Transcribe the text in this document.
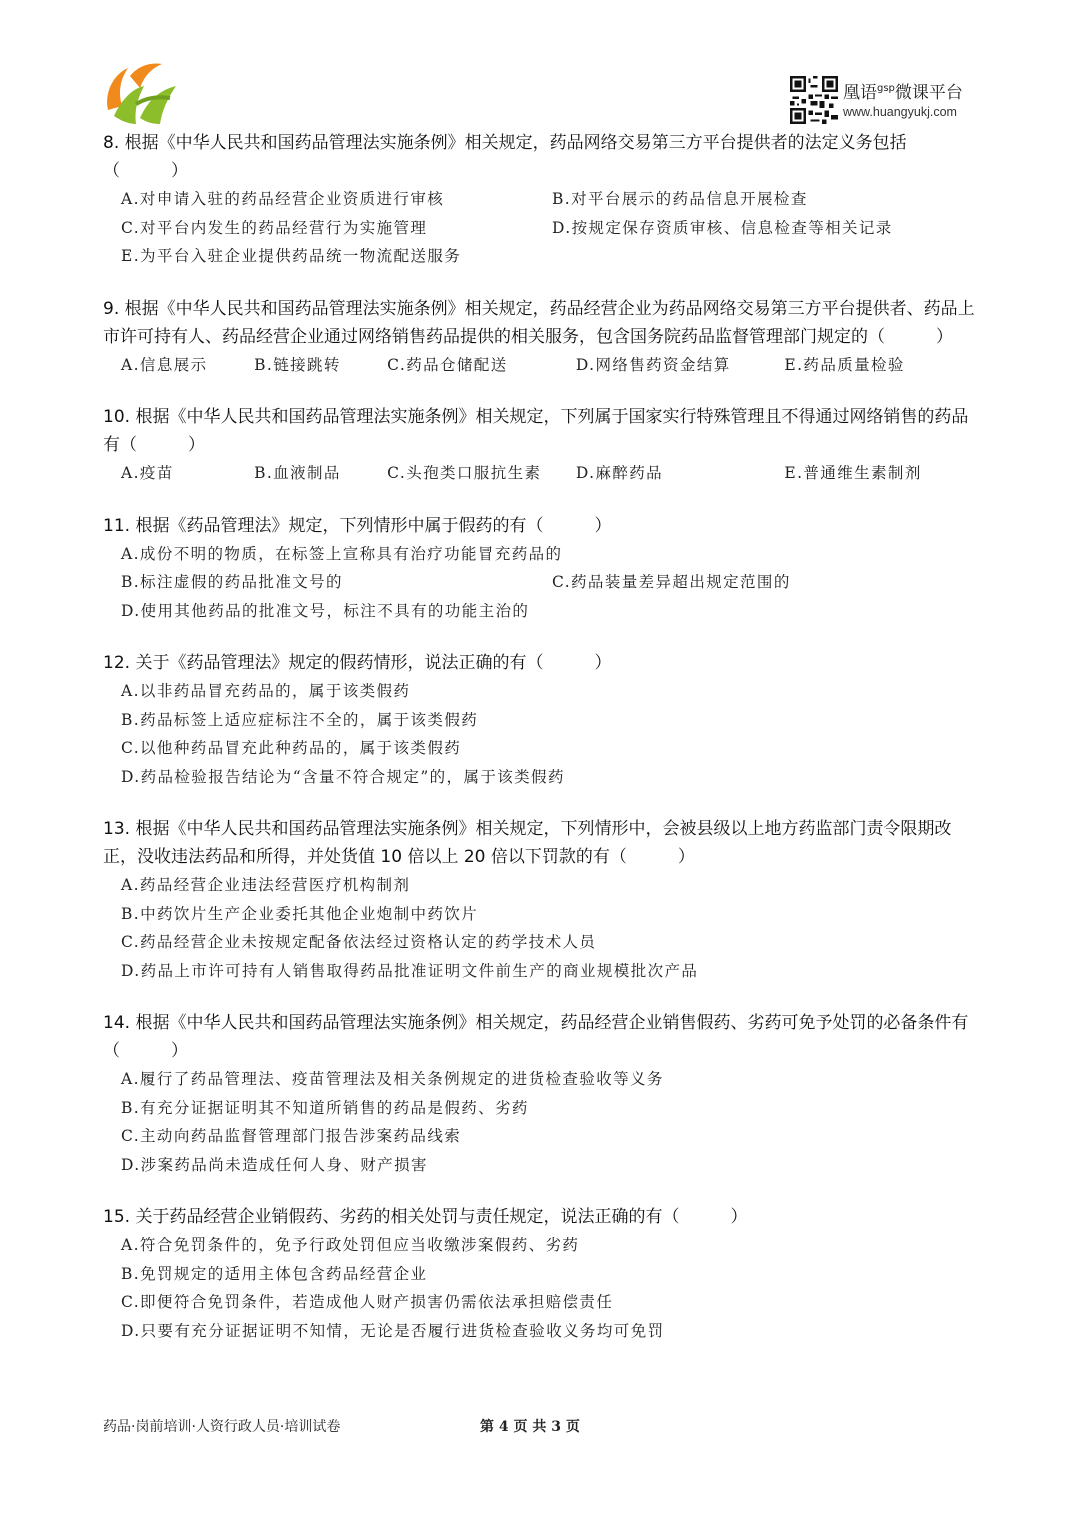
凰语$^{gsp}$微课平台
www.huangyukj.com
8. 根据《中华人民共和国药品管理法实施条例》相关规定，药品网络交易第三方平台提供者的法定义务包括（　　　）
A.对申请入驻的药品经营企业资质进行审核	B.对平台展示的药品信息开展检查
C.对平台内发生的药品经营行为实施管理	D.按规定保存资质审核、信息检查等相关记录
E.为平台入驻企业提供药品统一物流配送服务
9. 根据《中华人民共和国药品管理法实施条例》相关规定，药品经营企业为药品网络交易第三方平台提供者、药品上市许可持有人、药品经营企业通过网络销售药品提供的相关服务，包含国务院药品监督管理部门规定的（　　　）
A.信息展示	B.链接跳转	C.药品仓储配送	D.网络售药资金结算	E.药品质量检验
10. 根据《中华人民共和国药品管理法实施条例》相关规定，下列属于国家实行特殊管理且不得通过网络销售的药品有（　　　）
A.疫苗	B.血液制品	C.头孢类口服抗生素	D.麻醉药品	E.普通维生素制剂
11. 根据《药品管理法》规定，下列情形中属于假药的有（　　　）
A.成份不明的物质，在标签上宣称具有治疗功能冒充药品的
B.标注虚假的药品批准文号的	C.药品装量差异超出规定范围的
D.使用其他药品的批准文号，标注不具有的功能主治的
12. 关于《药品管理法》规定的假药情形，说法正确的有（　　　）
A.以非药品冒充药品的，属于该类假药
B.药品标签上适应症标注不全的，属于该类假药
C.以他种药品冒充此种药品的，属于该类假药
D.药品检验报告结论为“含量不符合规定”的，属于该类假药
13. 根据《中华人民共和国药品管理法实施条例》相关规定，下列情形中，会被县级以上地方药监部门责令限期改正，没收违法药品和所得，并处货值 10 倍以上 20 倍以下罚款的有（　　　）
A.药品经营企业违法经营医疗机构制剂
B.中药饮片生产企业委托其他企业炮制中药饮片
C.药品经营企业未按规定配备依法经过资格认定的药学技术人员
D.药品上市许可持有人销售取得药品批准证明文件前生产的商业规模批次产品
14. 根据《中华人民共和国药品管理法实施条例》相关规定，药品经营企业销售假药、劣药可免予处罚的必备条件有（　　　）
A.履行了药品管理法、疫苗管理法及相关条例规定的进货检查验收等义务
B.有充分证据证明其不知道所销售的药品是假药、劣药
C.主动向药品监督管理部门报告涉案药品线索
D.涉案药品尚未造成任何人身、财产损害
15. 关于药品经营企业销假药、劣药的相关处罚与责任规定，说法正确的有（　　　）
A.符合免罚条件的，免予行政处罚但应当收缴涉案假药、劣药
B.免罚规定的适用主体包含药品经营企业
C.即便符合免罚条件，若造成他人财产损害仍需依法承担赔偿责任
D.只要有充分证据证明不知情，无论是否履行进货检查验收义务均可免罚
药品·岗前培训·人资行政人员·培训试卷	第 4 页 共 3 页
